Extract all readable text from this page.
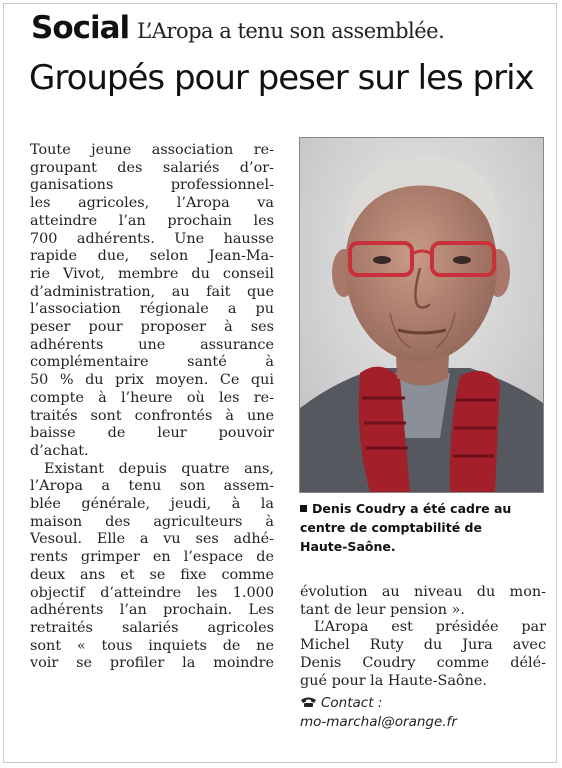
Social L’Aropa a tenu son assemblée.
Groupés pour peser sur les prix
Toute jeune association re-
groupant des salariés d’or-
ganisations professionnel-
les agricoles, l’Aropa va
atteindre l’an prochain les
700 adhérents. Une hausse
rapide due, selon Jean-Ma-
rie Vivot, membre du conseil
d’administration, au fait que
l’association régionale a pu
peser pour proposer à ses
adhérents une assurance
complémentaire santé à
50 % du prix moyen. Ce qui
compte à l’heure où les re-
traités sont confrontés à une
baisse de leur pouvoir
d’achat.
Existant depuis quatre ans,
l’Aropa a tenu son assem-
blée générale, jeudi, à la
maison des agriculteurs à
Vesoul. Elle a vu ses adhé-
rents grimper en l’espace de
deux ans et se fixe comme
objectif d’atteindre les 1.000
adhérents l’an prochain. Les
retraités salariés agricoles
sont « tous inquiets de ne
voir se profiler la moindre
Denis Coudry a été cadre au
centre de comptabilité de
Haute-Saône.
évolution au niveau du mon-
tant de leur pension ».
L’Aropa est présidée par
Michel Ruty du Jura avec
Denis Coudry comme délé-
gué pour la Haute-Saône.
Contact :
mo-marchal@orange.fr
